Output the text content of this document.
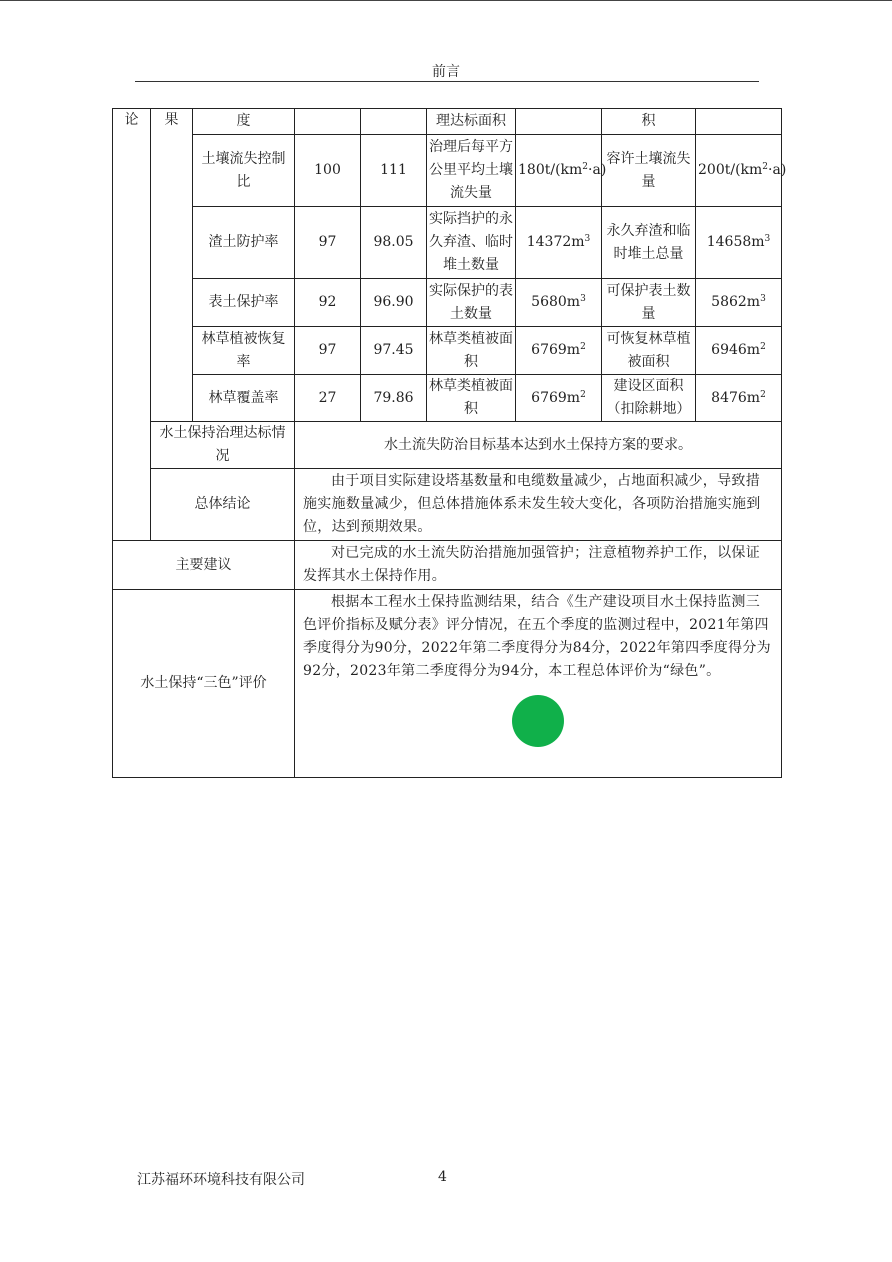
前言
论	果	度			理达标面积		积	
		土壤流失控制比	100	111	治理后每平方公里平均土壤流失量	$180t/(km^2\cdot a)$	容许土壤流失量	$200t/(km^2\cdot a)$
		渣土防护率	97	98.05	实际挡护的永久弃渣、临时堆土数量	$14372m^3$	永久弃渣和临时堆土总量	$14658m^3$
		表土保护率	92	96.90	实际保护的表土数量	$5680m^3$	可保护表土数量	$5862m^3$
		林草植被恢复率	97	97.45	林草类植被面积	$6769m^2$	可恢复林草植被面积	$6946m^2$
		林草覆盖率	27	79.86	林草类植被面积	$6769m^2$	建设区面积（扣除耕地）	$8476m^2$
	水土保持治理达标情况		水土流失防治目标基本达到水土保持方案的要求。					
	总体结论		由于项目实际建设塔基数量和电缆数量减少，占地面积减少，导致措施实施数量减少，但总体措施体系未发生较大变化，各项防治措施实施到位，达到预期效果。					
主要建议			对已完成的水土流失防治措施加强管护；注意植物养护工作，以保证发挥其水土保持作用。					
水土保持“三色”评价			根据本工程水土保持监测结果，结合《生产建设项目水土保持监测三色评价指标及赋分表》评分情况，在五个季度的监测过程中，2021年第四季度得分为90分，2022年第二季度得分为84分，2022年第四季度得分为92分，2023年第二季度得分为94分，本工程总体评价为“绿色”。					
江苏福环环境科技有限公司	4
